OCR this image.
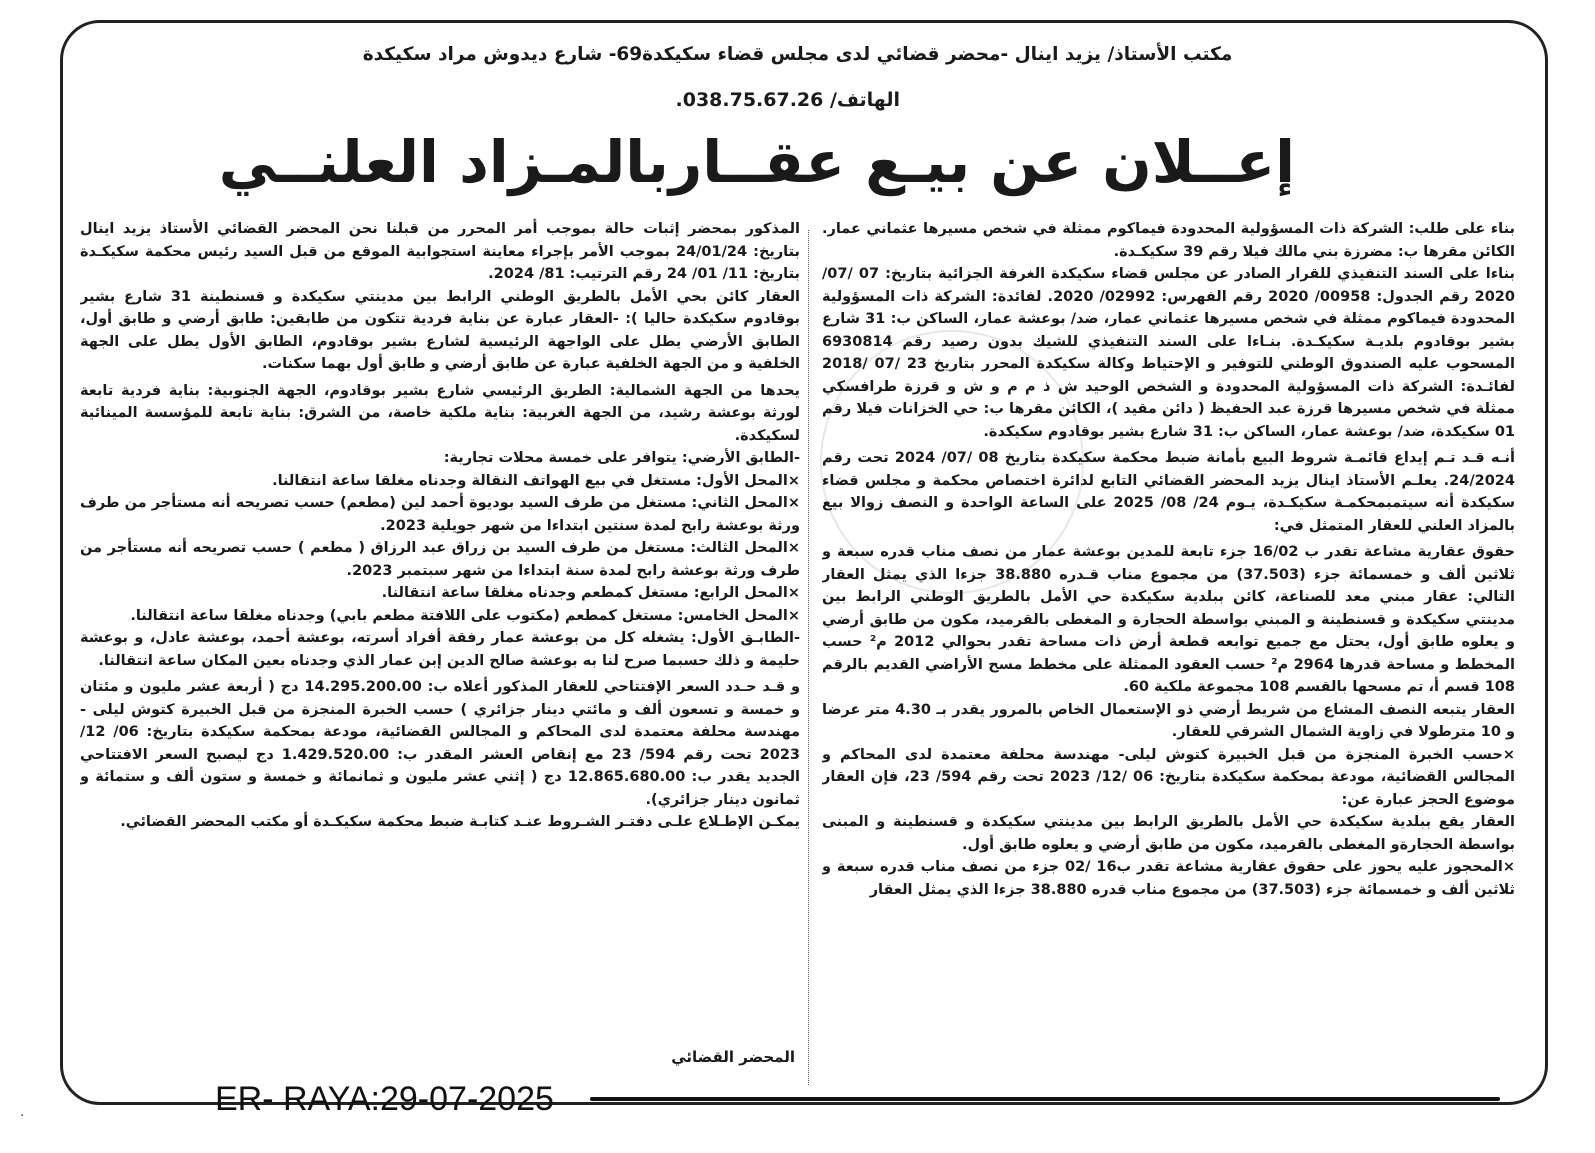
مكتب الأستاذ/ يزيد اينال -محضر قضائي لدى مجلس قضاء سكيكدة69- شارع ديدوش مراد سكيكدة
الهاتف/ 038.75.67.26.
إعــلان عن بيـع عقــاربالمـزاد العلنــي

بناء على طلب: الشركة ذات المسؤولية المحدودة فيماكوم ممثلة في شخص مسيرها عثماني عمار. الكائن مقرها ب: مضرزة بني مالك فيلا رقم 39 سكيكـدة.

بناءا على السند التنفيذي للقرار الصادر عن مجلس قضاء سكيكدة الغرفة الجزائية بتاريخ: 07 /07/ 2020 رقم الجدول: 00958/ 2020 رقم الفهرس: 02992/ 2020. لفائدة: الشركة ذات المسؤولية المحدودة فيماكوم ممثلة في شخص مسيرها عثماني عمار، ضد/ بوعشة عمار، الساكن ب: 31 شارع بشير بوقادوم بلديـة سكيكـدة. بنـاءا على السند التنفيذي للشيك بدون رصيد رقم 6930814 المسحوب عليه الصندوق الوطني للتوفير و الإحتياط وكالة سكيكدة المحرر بتاريخ 23 /07 /2018 لفائـدة: الشركة ذات المسؤولية المحدودة و الشخص الوحيد ش ذ م م و ش و قرزة طرافسكي ممثلة في شخص مسيرها قرزة عبد الحفيظ ( دائن مقيد )، الكائن مقرها ب: حي الخزانات فيلا رقم 01 سكيكدة، ضد/ بوعشة عمار، الساكن ب: 31 شارع بشير بوقادوم سكيكدة.

أنـه قـد تـم إيداع قائمـة شروط البيع بأمانة ضبط محكمة سكيكدة بتاريخ 08 /07/ 2024 تحت رقم 24/2024. يعلـم الأستاذ اينال يزيد المحضر القضائي التابع لدائرة اختصاص محكمة و مجلس قضاء سكيكدة أنه سيتمبمحكمـة سكيكـدة، يـوم 24/ 08/ 2025 على الساعة الواحدة و النصف زوالا بيع بالمزاد العلني للعقار المتمثل في:

حقوق عقارية مشاعة تقدر ب 16/02 جزء تابعة للمدين بوعشة عمار من نصف مناب قدره سبعة و ثلاثين ألف و خمسمائة جزء (37.503) من مجموع مناب قـدره 38.880 جزءا الذي يمثل العقار التالي: عقار مبني معد للصناعة، كائن ببلدية سكيكدة حي الأمل بالطريق الوطني الرابط بين مدينتي سكيكدة و قسنطينة و المبني بواسطة الحجارة و المغطى بالقرميد، مكون من طابق أرضي و يعلوه طابق أول، يحتل مع جميع توابعه قطعة أرض ذات مساحة تقدر بحوالي 2012 م² حسب المخطط و مساحة قدرها 2964 م² حسب العقود الممثلة على مخطط مسح الأراضي القديم بالرقم 108 قسم أ، تم مسحها بالقسم 108 مجموعة ملكية 60.

العقار يتبعه النصف المشاع من شريط أرضي ذو الإستعمال الخاص بالمرور يقدر بـ 4.30 متر عرضا و 10 مترطولا في زاوية الشمال الشرقي للعقار.

×حسب الخبرة المنجزة من قبل الخبيرة كتوش ليلى- مهندسة محلفة معتمدة لدى المحاكم و المجالس القضائية، مودعة بمحكمة سكيكدة بتاريخ: 06 /12/ 2023 تحت رقم 594/ 23، فإن العقار موضوع الحجز عبارة عن:

العقار يقع ببلدية سكيكدة حي الأمل بالطريق الرابط بين مدينتي سكيكدة و قسنطينة و المبنى بواسطة الحجارةو المغطى بالقرميد، مكون من طابق أرضي و يعلوه طابق أول.

×المحجوز عليه يحوز على حقوق عقارية مشاعة تقدر ب16 /02 جزء من نصف مناب قدره سبعة و ثلاثين ألف و خمسمائة جزء (37.503) من مجموع مناب قدره 38.880 جزءا الذي يمثل العقار

المذكور بمحضر إثبات حالة بموجب أمر المحرر من قبلنا نحن المحضر القضائي الأستاذ يزيد اينال بتاريخ: 24/01/24 بموجب الأمر بإجراء معاينة استجوابية الموقع من قبل السيد رئيس محكمة سكيكـدة بتاريخ: 11/ 01/ 24 رقم الترتيب: 81/ 2024.

العقار كائن بحي الأمل بالطريق الوطني الرابط بين مدينتي سكيكدة و قسنطينة 31 شارع بشير بوقادوم سكيكدة حاليا ): -العقار عبارة عن بناية فردية تتكون من طابقين: طابق أرضي و طابق أول، الطابق الأرضي يطل على الواجهة الرئيسية لشارع بشير بوقادوم، الطابق الأول يطل على الجهة الخلفية و من الجهة الخلفية عبارة عن طابق أرضي و طابق أول بهما سكنات.

يحدها من الجهة الشمالية: الطريق الرئيسي شارع بشير بوقادوم، الجهة الجنوبية: بناية فردية تابعة لورثة بوعشة رشيد، من الجهة الغربية: بناية ملكية خاصة، من الشرق: بناية تابعة للمؤسسة المينائية لسكيكدة.

-الطابق الأرضي: يتوافر على خمسة محلات تجارية:

×المحل الأول: مستغل في بيع الهواتف النقالة وجدناه مغلقا ساعة انتقالنا.

×المحل الثاني: مستغل من طرف السيد بوديوة أحمد لين (مطعم) حسب تصريحه أنه مستأجر من طرف ورثة بوعشة رابح لمدة سنتين ابتداءا من شهر جويلية 2023.

×المحل الثالث: مستغل من طرف السيد بن زراق عبد الرزاق ( مطعم ) حسب تصريحه أنه مستأجر من طرف ورثة بوعشة رابح لمدة سنة ابتداءا من شهر سبتمبر 2023.

×المحل الرابع: مستغل كمطعم وجدناه مغلقا ساعة انتقالنا.

×المحل الخامس: مستغل كمطعم (مكتوب على اللافتة مطعم بابي) وجدناه مغلقا ساعة انتقالنا.

-الطابـق الأول: يشغله كل من بوعشة عمار رفقة أفراد أسرته، بوعشة أحمد، بوعشة عادل، و بوعشة حليمة و ذلك حسبما صرح لنا به بوعشة صالح الدين إبن عمار الذي وجدناه بعين المكان ساعة انتقالنا.

و قـد حـدد السعر الإفتتاحي للعقار المذكور أعلاه ب: 14.295.200.00 دج ( أربعة عشر مليون و مئتان و خمسة و تسعون ألف و مائتي دينار جزائري ) حسب الخبرة المنجزة من قبل الخبيرة كتوش ليلى - مهندسة محلفة معتمدة لدى المحاكم و المجالس القضائية، مودعة بمحكمة سكيكدة بتاريخ: 06/ 12/ 2023 تحت رقم 594/ 23 مع إنقاص العشر المقدر ب: 1.429.520.00 دج ليصبح السعر الافتتاحي الجديد يقدر ب: 12.865.680.00 دج ( إثني عشر مليون و ثمانمائة و خمسة و ستون ألف و ستمائة و ثمانون دينار جزائري).

يمكـن الإطـلاع علـى دفتـر الشـروط عنـد كتابـة ضبط محكمة سكيكـدة أو مكتب المحضر القضائي.

المحضر القضائي
ER- RAYA:29-07-2025
·
